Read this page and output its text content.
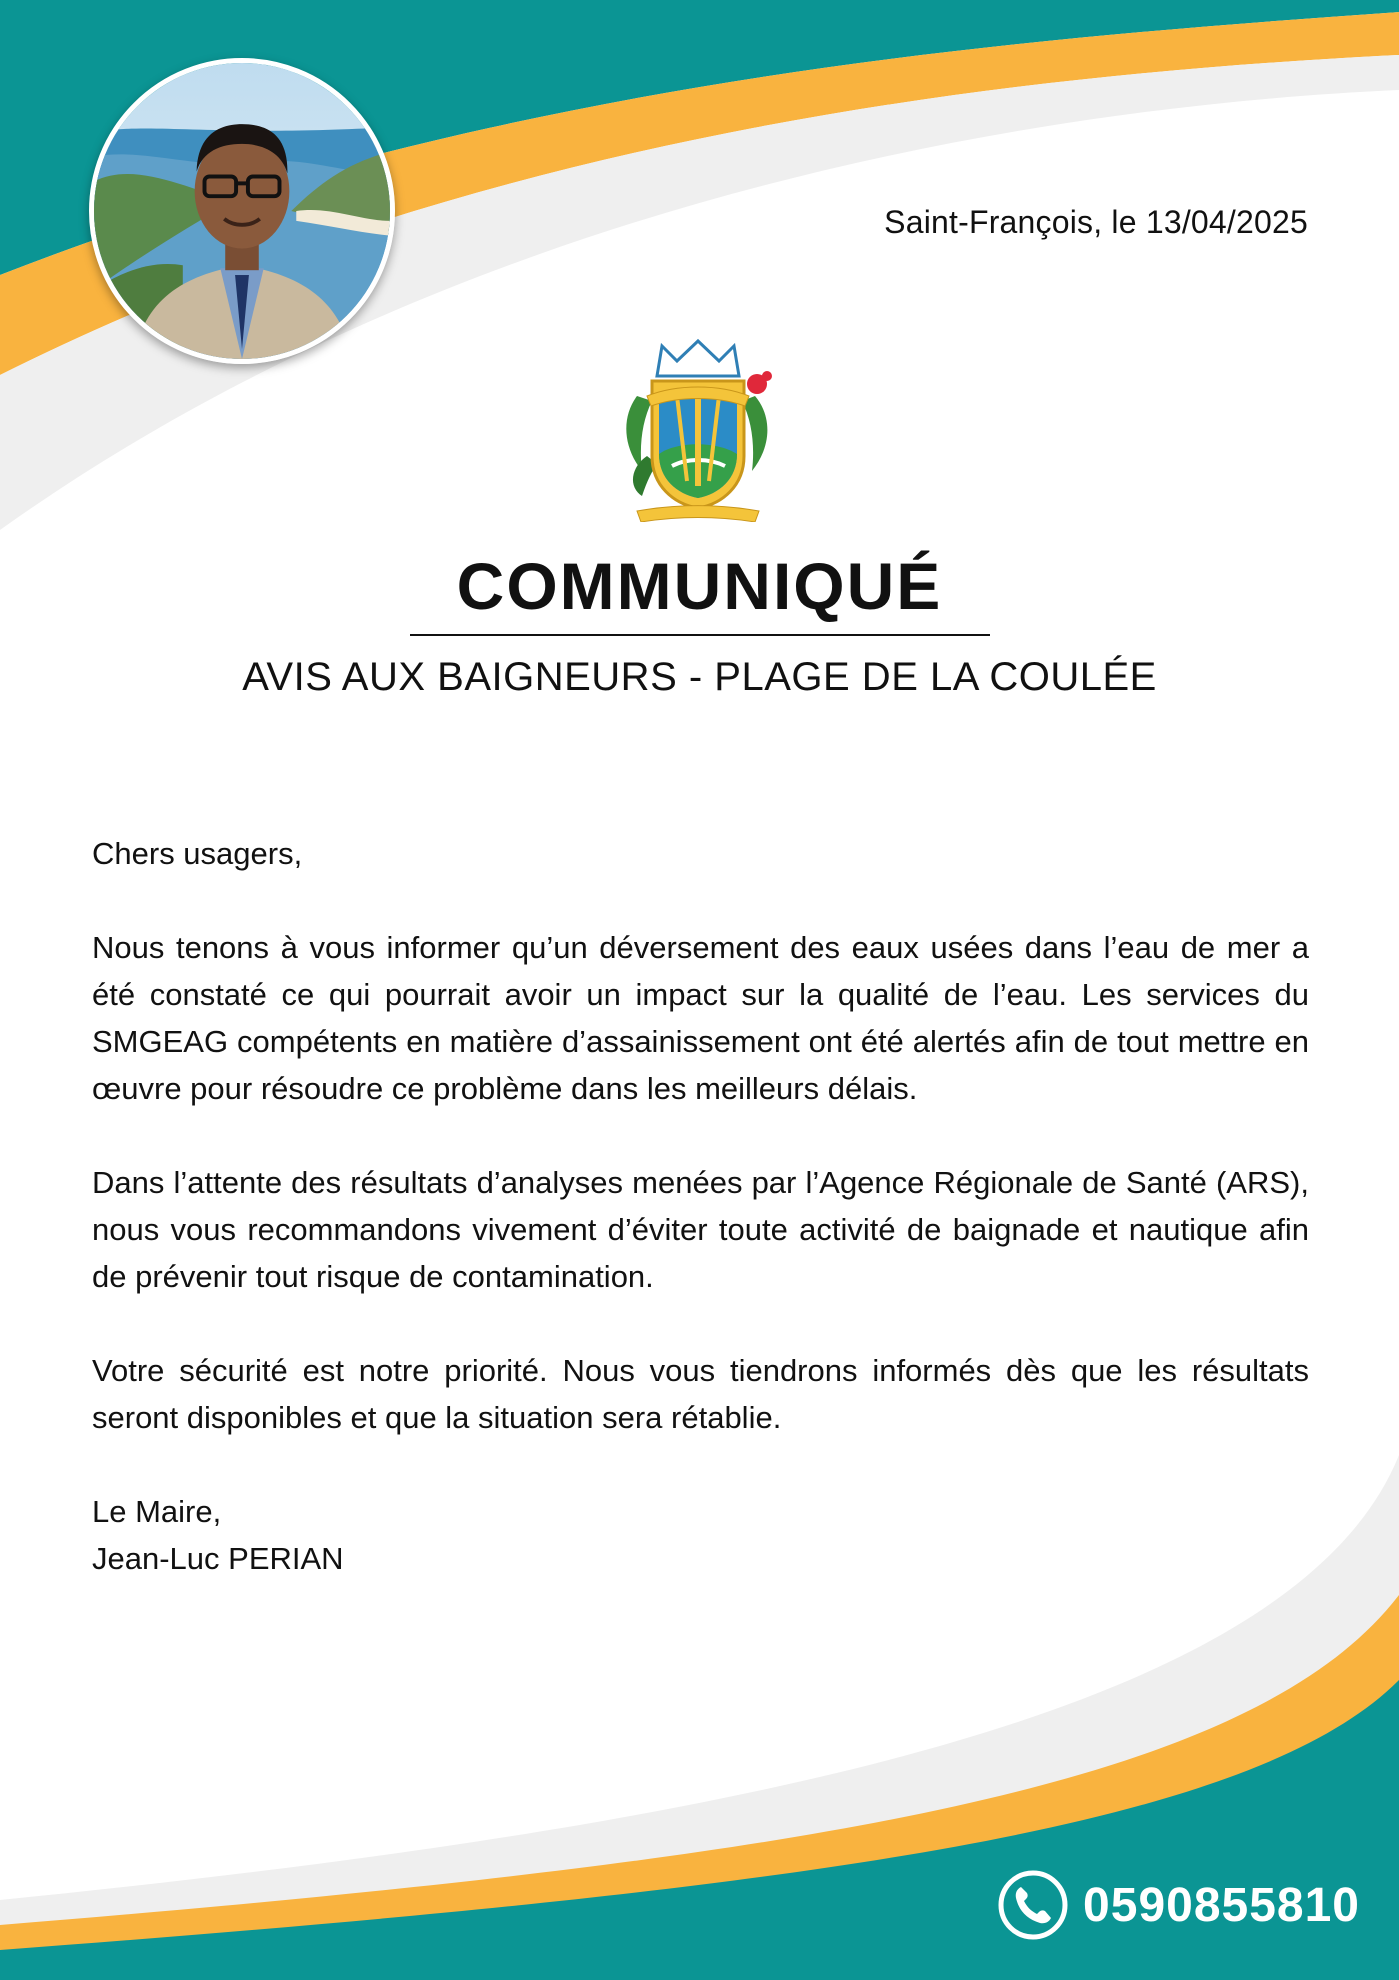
Saint-François, le 13/04/2025
COMMUNIQUÉ
AVIS AUX BAIGNEURS - PLAGE DE LA COULÉE

Chers usagers,

Nous tenons à vous informer qu’un déversement des eaux usées dans l’eau de mer a été constaté ce qui pourrait avoir un impact sur la qualité de l’eau. Les services du SMGEAG compétents en matière d’assainissement ont été alertés afin de tout mettre en œuvre pour résoudre ce problème dans les meilleurs délais.

Dans l’attente des résultats d’analyses menées par l’Agence Régionale de Santé (ARS), nous vous recommandons vivement d’éviter toute activité de baignade et nautique afin de prévenir tout risque de contamination.

Votre sécurité est notre priorité. Nous vous tiendrons informés dès que les résultats seront disponibles et que la situation sera rétablie.

Le Maire,
Jean-Luc PERIAN
0590855810
